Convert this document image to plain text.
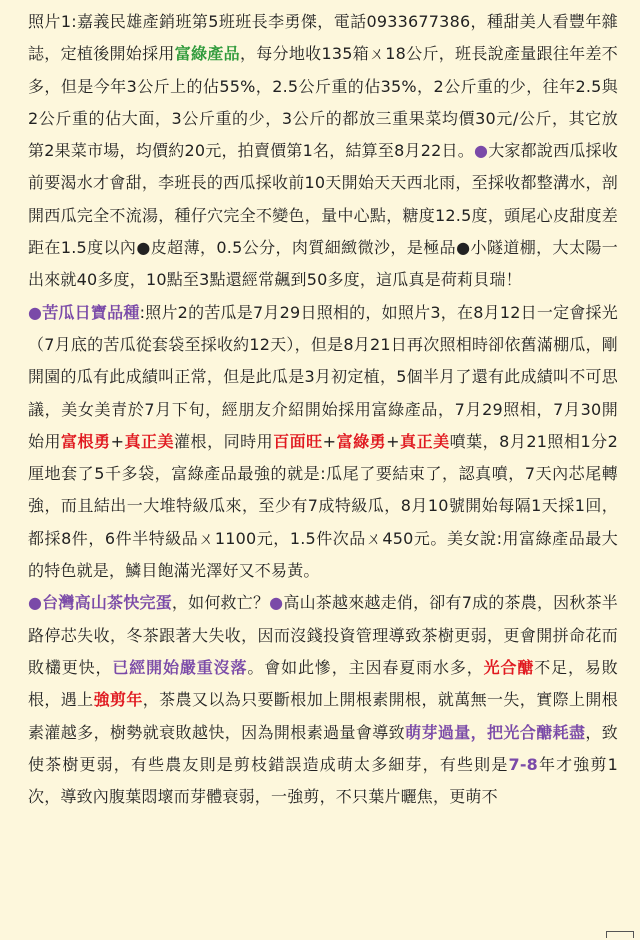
照片1:嘉義民雄產銷班第5班班長李勇傑，電話0933677386，種甜美人看豐年雜誌，定植後開始採用富綠產品，每分地收135箱ㄨ18公斤，班長說產量跟往年差不多，但是今年3公斤上的佔55%，2.5公斤重的佔35%，2公斤重的少，往年2.5與2公斤重的佔大面，3公斤重的少，3公斤的都放三重果菜均價30元/公斤，其它放第2果菜市場，均價約20元，拍賣價第1名，結算至8月22日。●大家都說西瓜採收前要渴水才會甜，李班長的西瓜採收前10天開始天天西北雨，至採收都整溝水，剖開西瓜完全不流湯，種仔穴完全不變色，量中心點，糖度12.5度，頭尾心皮甜度差距在1.5度以內●皮超薄，0.5公分，肉質細緻微沙，是極品●小隧道棚，大太陽一出來就40多度，10點至3點還經常飆到50多度，這瓜真是荷莉貝瑞！

●苦瓜日寶品種:照片2的苦瓜是7月29日照相的，如照片3，在8月12日一定會採光（7月底的苦瓜從套袋至採收約12天），但是8月21日再次照相時卻依舊滿棚瓜，剛開園的瓜有此成績叫正常，但是此瓜是3月初定植，5個半月了還有此成績叫不可思議，美女美青於7月下旬，經朋友介紹開始採用富綠產品，7月29照相，7月30開始用富根勇+真正美灌根，同時用百面旺+富綠勇+真正美噴葉，8月21照相1分2厘地套了5千多袋，富綠產品最強的就是:瓜尾了要結束了，認真噴，7天內芯尾轉強，而且結出一大堆特級瓜來，至少有7成特級瓜，8月10號開始每隔1天採1回，都採8件，6件半特級品ㄨ1100元，1.5件次品ㄨ450元。美女說:用富綠產品最大的特色就是，鱗目飽滿光澤好又不易黃。

●台灣高山茶快完蛋，如何救亡？●高山茶越來越走俏，卻有7成的茶農，因秋茶半路停芯失收，冬茶跟著大失收，因而沒錢投資管理導致茶樹更弱，更會開拼命花而敗欉更快，已經開始嚴重沒落。會如此慘，主因春夏雨水多，光合醣不足，易敗根，遇上強剪年，茶農又以為只要斷根加上開根素開根，就萬無一失，實際上開根素灌越多，樹勢就衰敗越快，因為開根素過量會導致萌芽過量，把光合醣耗盡，致使茶樹更弱，有些農友則是剪枝錯誤造成萌太多細芽，有些則是7-8年才強剪1次，導致內腹葉悶壞而芽體衰弱，一強剪，不只葉片曬焦，更萌不
